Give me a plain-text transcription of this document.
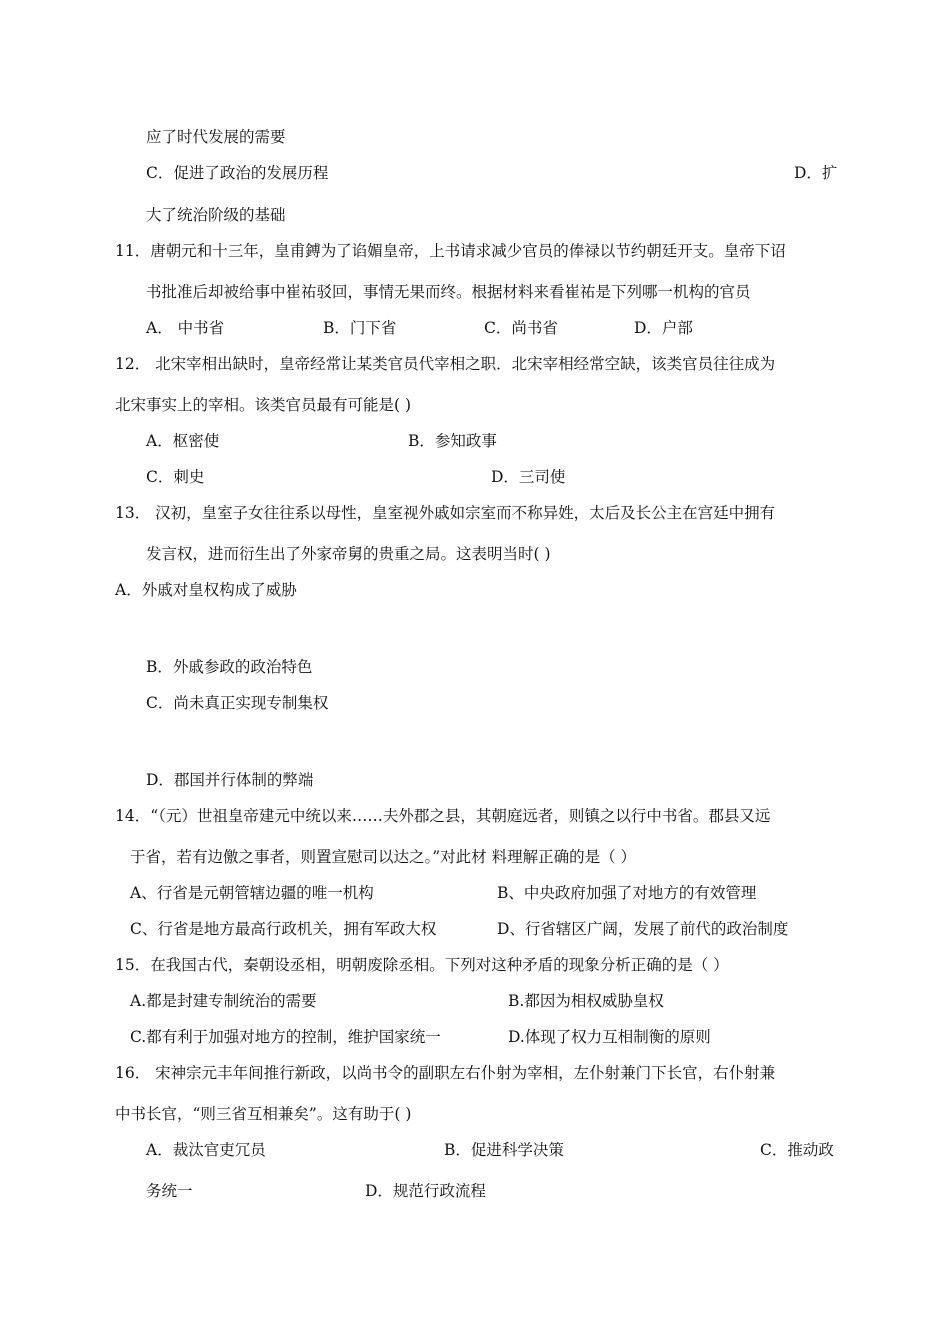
应了时代发展的需要
C．促进了政治的发展历程	D．扩
大了统治阶级的基础
11．唐朝元和十三年，皇甫鎛为了谄媚皇帝，上书请求减少官员的俸禄以节约朝廷开支。皇帝下诏
书批准后却被给事中崔祐驳回，事情无果而终。根据材料来看崔祐是下列哪一机构的官员
A． 中书省	B．门下省	C．尚书省	D．户部
12． 北宋宰相出缺时，皇帝经常让某类官员代宰相之职．北宋宰相经常空缺，该类官员往往成为
北宋事实上的宰相。该类官员最有可能是( )
A．枢密使	B．参知政事
C．刺史	D．三司使
13． 汉初，皇室子女往往系以母性，皇室视外戚如宗室而不称异姓，太后及长公主在宫廷中拥有
发言权，进而衍生出了外家帝舅的贵重之局。这表明当时( )
A．外戚对皇权构成了威胁
B．外戚参政的政治特色
C．尚未真正实现专制集权
D．郡国并行体制的弊端
14．“（元）世祖皇帝建元中统以来……夫外郡之县，其朝庭远者，则镇之以行中书省。郡县又远
于省，若有边儌之事者，则置宣慰司以达之。”对此材 料理解正确的是（ ）
A、行省是元朝管辖边疆的唯一机构	B、中央政府加强了对地方的有效管理
C、行省是地方最高行政机关，拥有军政大权	D、行省辖区广阔，发展了前代的政治制度
15．在我国古代，秦朝设丞相，明朝废除丞相。下列对这种矛盾的现象分析正确的是（ ）
A.都是封建专制统治的需要	B.都因为相权威胁皇权
C.都有利于加强对地方的控制，维护国家统一	D.体现了权力互相制衡的原则
16． 宋神宗元丰年间推行新政，以尚书令的副职左右仆射为宰相，左仆射兼门下长官，右仆射兼
中书长官，“则三省互相兼矣”。这有助于( )
A．裁汰官吏冗员	B．促进科学决策	C．推动政
务统一	D．规范行政流程
